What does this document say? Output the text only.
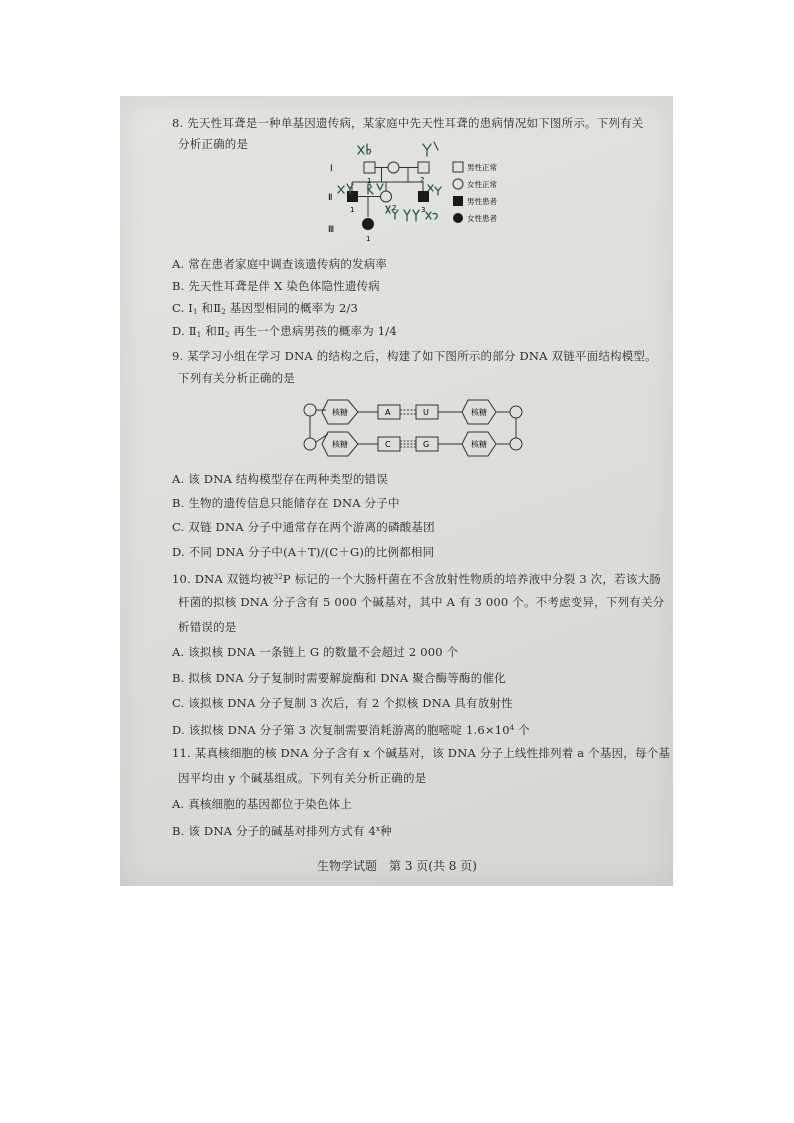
8. 先天性耳聋是一种单基因遗传病，某家庭中先天性耳聋的患病情况如下图所示。下列有关
分析正确的是
Ⅰ
Ⅱ
Ⅲ
1	2
1	2	3
1
男性正常
女性正常
男性患者
女性患者
A. 常在患者家庭中调查该遗传病的发病率
B. 先天性耳聋是伴 X 染色体隐性遗传病
C. $Ⅰ_1$ 和$Ⅱ_2$ 基因型相同的概率为 2/3
D. $Ⅱ_1$ 和$Ⅱ_2$ 再生一个患病男孩的概率为 1/4
9. 某学习小组在学习 DNA 的结构之后，构建了如下图所示的部分 DNA 双链平面结构模型。
下列有关分析正确的是
核糖
核糖
A	U
C	G
核糖
核糖
A. 该 DNA 结构模型存在两种类型的错误
B. 生物的遗传信息只能储存在 DNA 分子中
C. 双链 DNA 分子中通常存在两个游离的磷酸基团
D. 不同 DNA 分子中(A＋T)/(C＋G)的比例都相同
10. DNA 双链均被$^{32}$P 标记的一个大肠杆菌在不含放射性物质的培养液中分裂 3 次，若该大肠
杆菌的拟核 DNA 分子含有 5 000 个碱基对，其中 A 有 3 000 个。不考虑变异，下列有关分
析错误的是
A. 该拟核 DNA 一条链上 G 的数量不会超过 2 000 个
B. 拟核 DNA 分子复制时需要解旋酶和 DNA 聚合酶等酶的催化
C. 该拟核 DNA 分子复制 3 次后，有 2 个拟核 DNA 具有放射性
D. 该拟核 DNA 分子第 3 次复制需要消耗游离的胞嘧啶 $1.6\times 10^4$ 个
11. 某真核细胞的核 DNA 分子含有 x 个碱基对，该 DNA 分子上线性排列着 a 个基因，每个基
因平均由 y 个碱基组成。下列有关分析正确的是
A. 真核细胞的基因都位于染色体上
B. 该 DNA 分子的碱基对排列方式有 4$^x$种
生物学试题　第 3 页(共 8 页)
